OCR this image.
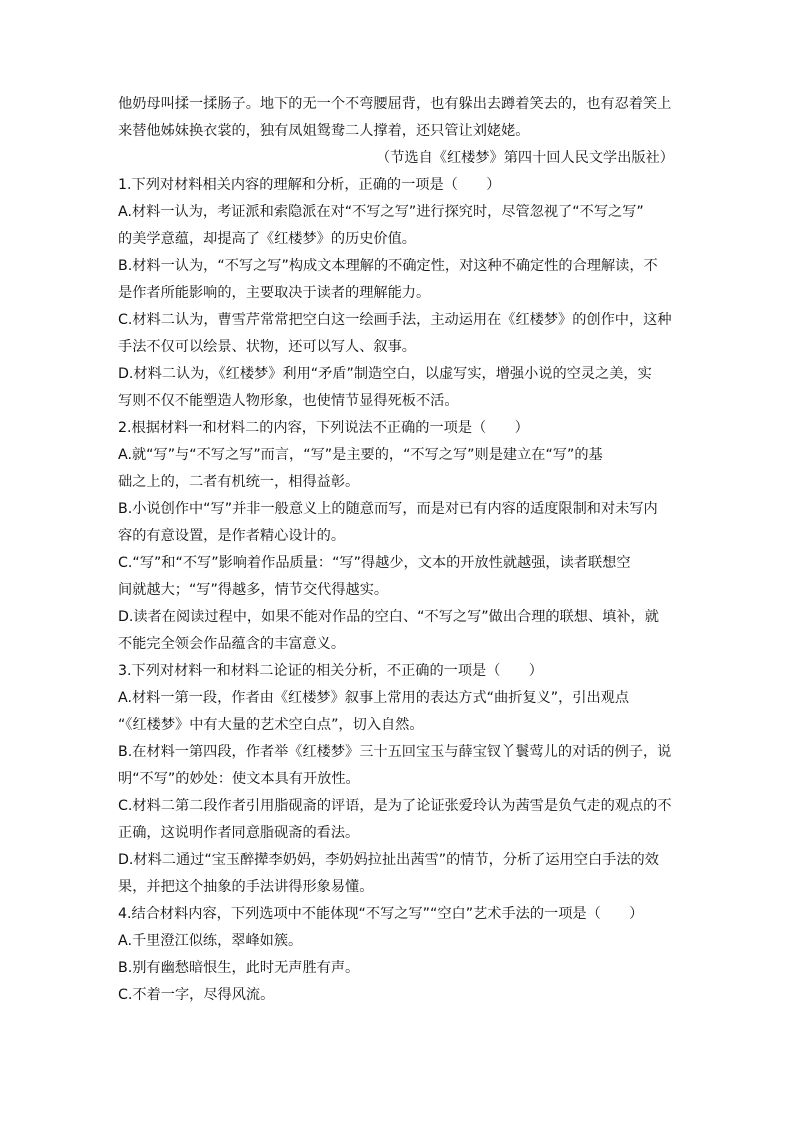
他奶母叫揉一揉肠子。地下的无一个不弯腰屈背，也有躲出去蹲着笑去的，也有忍着笑上
来替他姊妹换衣裳的，独有凤姐鸳鸯二人撑着，还只管让刘姥姥。
（节选自《红楼梦》第四十回人民文学出版社）
1.下列对材料相关内容的理解和分析，正确的一项是（　　）
A.材料一认为，考证派和索隐派在对“不写之写”进行探究时，尽管忽视了“不写之写”
的美学意蕴，却提高了《红楼梦》的历史价值。
B.材料一认为，“不写之写”构成文本理解的不确定性，对这种不确定性的合理解读，不
是作者所能影响的，主要取决于读者的理解能力。
C.材料二认为，曹雪芹常常把空白这一绘画手法，主动运用在《红楼梦》的创作中，这种
手法不仅可以绘景、状物，还可以写人、叙事。
D.材料二认为，《红楼梦》利用“矛盾”制造空白，以虚写实，增强小说的空灵之美，实
写则不仅不能塑造人物形象，也使情节显得死板不活。
2.根据材料一和材料二的内容，下列说法不正确的一项是（　　）
A.就“写”与“不写之写”而言，“写”是主要的，“不写之写”则是建立在“写”的基
础之上的，二者有机统一，相得益彰。
B.小说创作中“写”并非一般意义上的随意而写，而是对已有内容的适度限制和对未写内
容的有意设置，是作者精心设计的。
C.“写”和“不写”影响着作品质量：“写”得越少，文本的开放性就越强，读者联想空
间就越大；“写”得越多，情节交代得越实。
D.读者在阅读过程中，如果不能对作品的空白、“不写之写”做出合理的联想、填补，就
不能完全领会作品蕴含的丰富意义。
3.下列对材料一和材料二论证的相关分析，不正确的一项是（　　）
A.材料一第一段，作者由《红楼梦》叙事上常用的表达方式“曲折复义”，引出观点
“《红楼梦》中有大量的艺术空白点”，切入自然。
B.在材料一第四段，作者举《红楼梦》三十五回宝玉与薛宝钗丫鬟莺儿的对话的例子，说
明“不写”的妙处：使文本具有开放性。
C.材料二第二段作者引用脂砚斋的评语，是为了论证张爱玲认为茜雪是负气走的观点的不
正确，这说明作者同意脂砚斋的看法。
D.材料二通过“宝玉醉撵李奶妈，李奶妈拉扯出茜雪”的情节，分析了运用空白手法的效
果，并把这个抽象的手法讲得形象易懂。
4.结合材料内容，下列选项中不能体现“不写之写”“空白”艺术手法的一项是（　　）
A.千里澄江似练，翠峰如簇。
B.别有幽愁暗恨生，此时无声胜有声。
C.不着一字，尽得风流。
